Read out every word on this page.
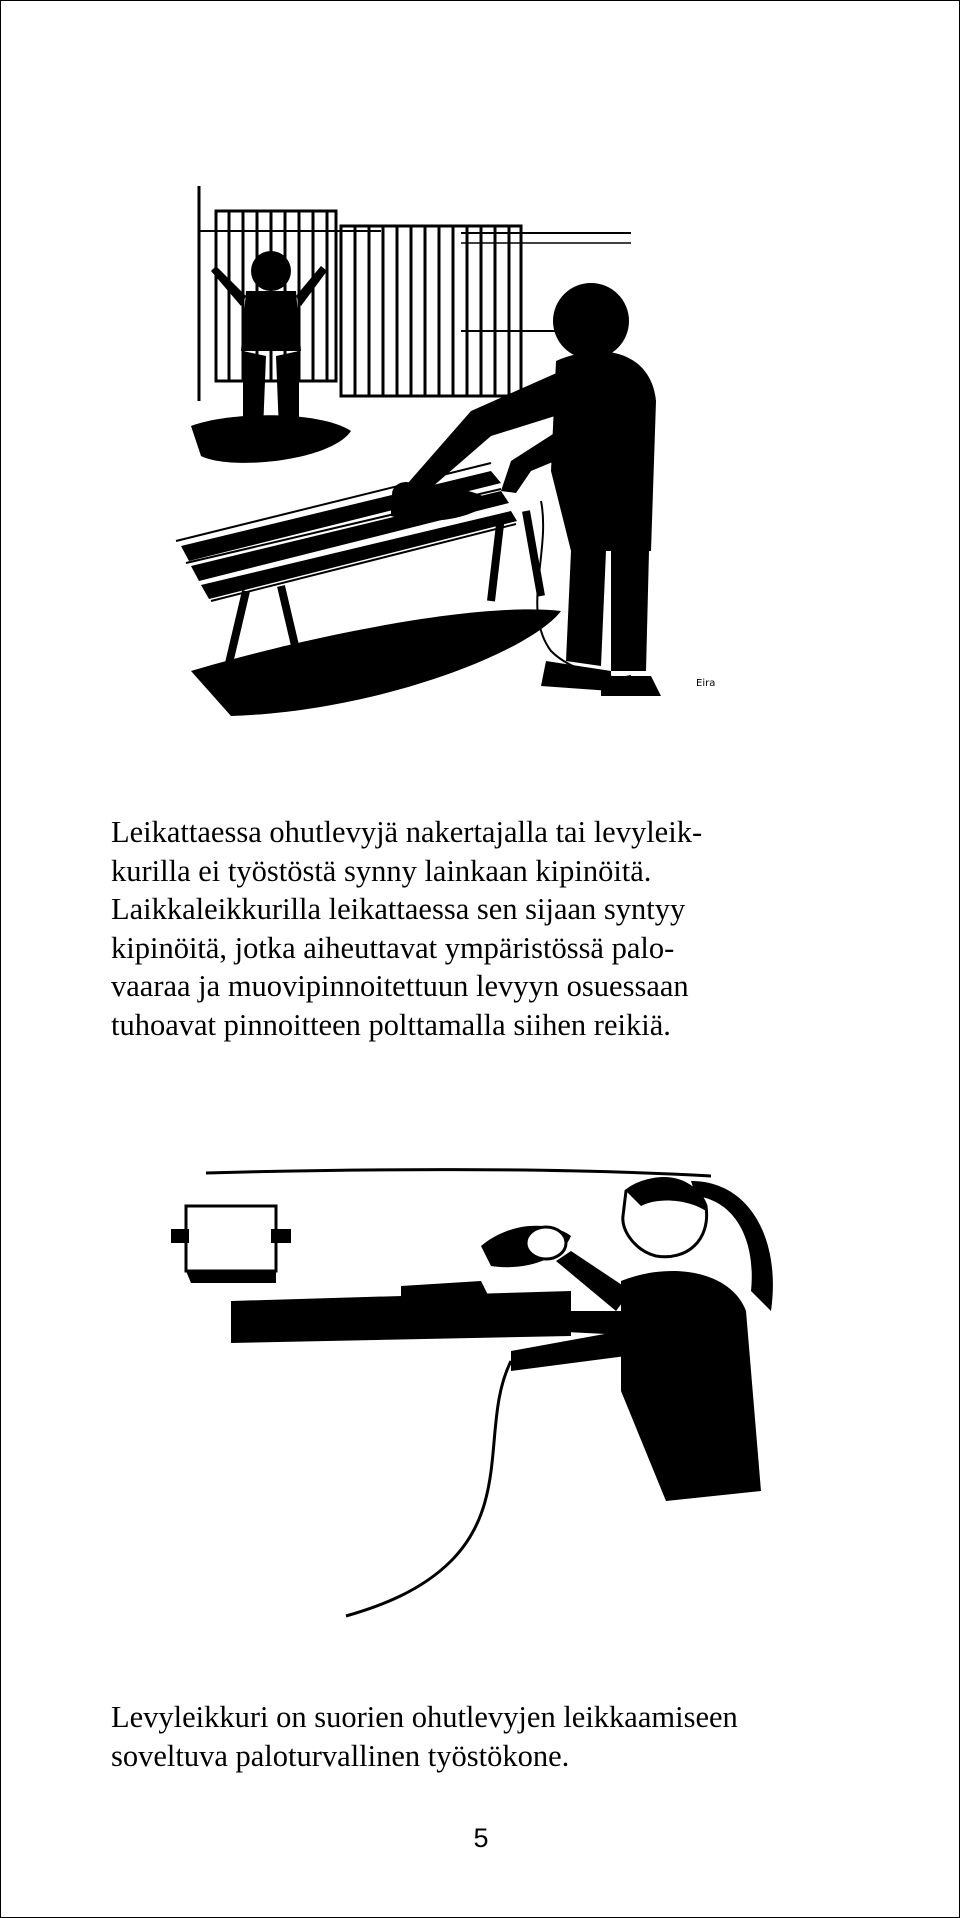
Eira
Leikattaessa ohutlevyjä nakertajalla tai levyleik-
kurilla ei työstöstä synny lainkaan kipinöitä.
Laikkaleikkurilla leikattaessa sen sijaan syntyy
kipinöitä, jotka aiheuttavat ympäristössä palo-
vaaraa ja muovipinnoitettuun levyyn osuessaan
tuhoavat pinnoitteen polttamalla siihen reikiä.
Eira
Levyleikkuri on suorien ohutlevyjen leikkaamiseen
soveltuva paloturvallinen työstökone.
5
